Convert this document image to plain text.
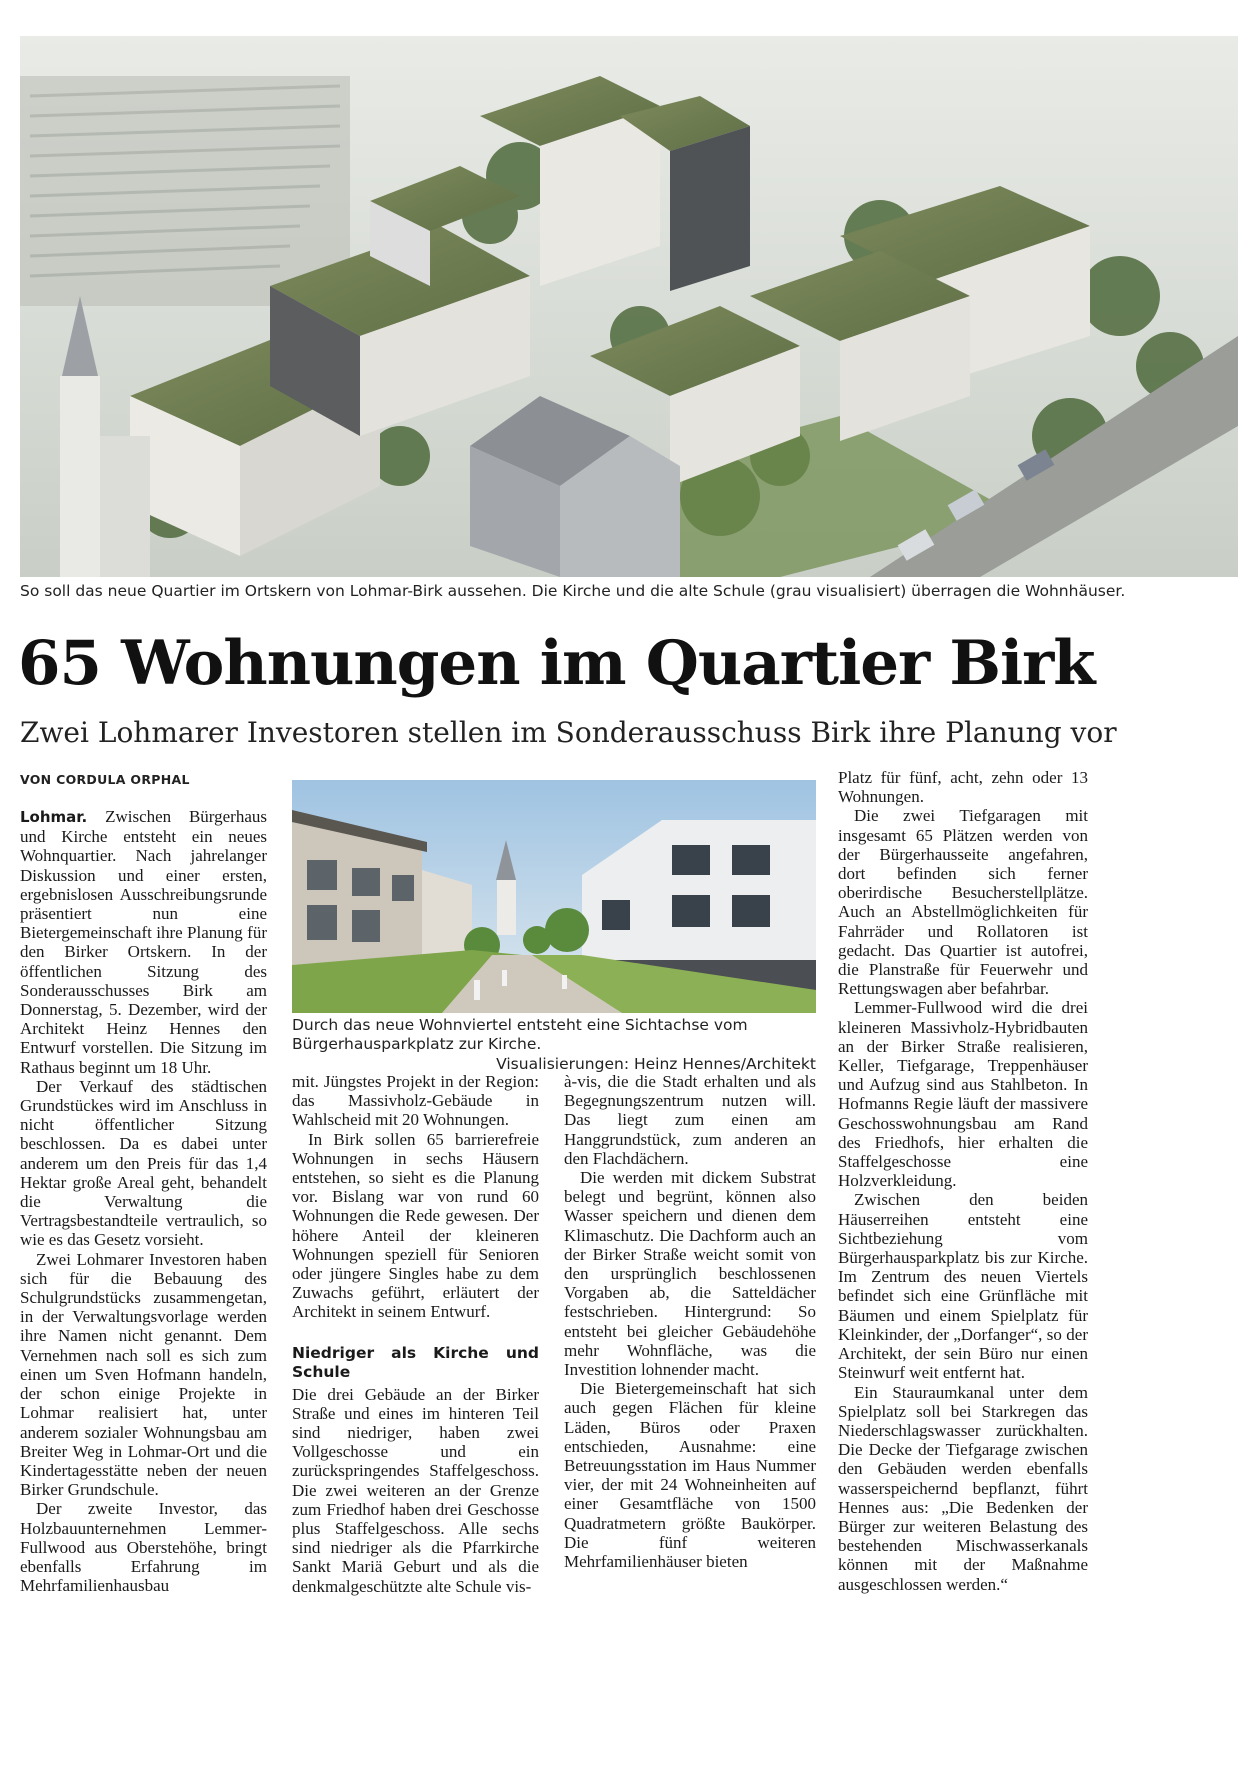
So soll das neue Quartier im Ortskern von Lohmar-Birk aussehen. Die Kirche und die alte Schule (grau visualisiert) überragen die Wohnhäuser.
65 Wohnungen im Quartier Birk
Zwei Lohmarer Investoren stellen im Sonderausschuss Birk ihre Planung vor
VON CORDULA ORPHAL

Lohmar. Zwischen Bürgerhaus und Kirche entsteht ein neues Wohnquartier. Nach jahrelanger Diskussion und einer ersten, ergebnislosen Ausschreibungsrunde präsentiert nun eine Bietergemeinschaft ihre Planung für den Birker Ortskern. In der öffentlichen Sitzung des Sonderausschusses Birk am Donnerstag, 5. Dezember, wird der Architekt Heinz Hennes den Entwurf vorstellen. Die Sitzung im Rathaus beginnt um 18 Uhr.

Der Verkauf des städtischen Grundstückes wird im Anschluss in nicht öffentlicher Sitzung beschlossen. Da es dabei unter anderem um den Preis für das 1,4 Hektar große Areal geht, behandelt die Verwaltung die Vertragsbestandteile vertraulich, so wie es das Gesetz vorsieht.

Zwei Lohmarer Investoren haben sich für die Bebauung des Schulgrundstücks zusammengetan, in der Verwaltungsvorlage werden ihre Namen nicht genannt. Dem Vernehmen nach soll es sich zum einen um Sven Hofmann handeln, der schon einige Projekte in Lohmar realisiert hat, unter anderem sozialer Wohnungsbau am Breiter Weg in Lohmar-Ort und die Kindertagesstätte neben der neuen Birker Grundschule.

Der zweite Investor, das Holzbauunternehmen Lemmer-Fullwood aus Oberstehöhe, bringt ebenfalls Erfahrung im Mehrfamilienhausbau

Durch das neue Wohnviertel entsteht eine Sichtachse vom Bürgerhausparkplatz zur Kirche.
Visualisierungen: Heinz Hennes/Architekt

mit. Jüngstes Projekt in der Region: das Massivholz-Gebäude in Wahlscheid mit 20 Wohnungen.

In Birk sollen 65 barrierefreie Wohnungen in sechs Häusern entstehen, so sieht es die Planung vor. Bislang war von rund 60 Wohnungen die Rede gewesen. Der höhere Anteil der kleineren Wohnungen speziell für Senioren oder jüngere Singles habe zu dem Zuwachs geführt, erläutert der Architekt in seinem Entwurf.

Niedriger als Kirche und Schule

Die drei Gebäude an der Birker Straße und eines im hinteren Teil sind niedriger, haben zwei Vollgeschosse und ein zurückspringendes Staffelgeschoss. Die zwei weiteren an der Grenze zum Friedhof haben drei Geschosse plus Staffelgeschoss. Alle sechs sind niedriger als die Pfarrkirche Sankt Mariä Geburt und als die denkmalgeschützte alte Schule vis-

à-vis, die die Stadt erhalten und als Begegnungszentrum nutzen will. Das liegt zum einen am Hanggrundstück, zum anderen an den Flachdächern.

Die werden mit dickem Substrat belegt und begrünt, können also Wasser speichern und dienen dem Klimaschutz. Die Dachform auch an der Birker Straße weicht somit von den ursprünglich beschlossenen Vorgaben ab, die Satteldächer festschrieben. Hintergrund: So entsteht bei gleicher Gebäudehöhe mehr Wohnfläche, was die Investition lohnender macht.

Die Bietergemeinschaft hat sich auch gegen Flächen für kleine Läden, Büros oder Praxen entschieden, Ausnahme: eine Betreuungsstation im Haus Nummer vier, der mit 24 Wohneinheiten auf einer Gesamtfläche von 1500 Quadratmetern größte Baukörper. Die fünf weiteren Mehrfamilienhäuser bieten

Platz für fünf, acht, zehn oder 13 Wohnungen.

Die zwei Tiefgaragen mit insgesamt 65 Plätzen werden von der Bürgerhausseite angefahren, dort befinden sich ferner oberirdische Besucherstellplätze. Auch an Abstellmöglichkeiten für Fahrräder und Rollatoren ist gedacht. Das Quartier ist autofrei, die Planstraße für Feuerwehr und Rettungswagen aber befahrbar.

Lemmer-Fullwood wird die drei kleineren Massivholz-Hybridbauten an der Birker Straße realisieren, Keller, Tiefgarage, Treppenhäuser und Aufzug sind aus Stahlbeton. In Hofmanns Regie läuft der massivere Geschosswohnungsbau am Rand des Friedhofs, hier erhalten die Staffelgeschosse eine Holzverkleidung.

Zwischen den beiden Häuserreihen entsteht eine Sichtbeziehung vom Bürgerhausparkplatz bis zur Kirche. Im Zentrum des neuen Viertels befindet sich eine Grünfläche mit Bäumen und einem Spielplatz für Kleinkinder, der „Dorfanger“, so der Architekt, der sein Büro nur einen Steinwurf weit entfernt hat.

Ein Stauraumkanal unter dem Spielplatz soll bei Starkregen das Niederschlagswasser zurückhalten. Die Decke der Tiefgarage zwischen den Gebäuden werden ebenfalls wasserspeichernd bepflanzt, führt Hennes aus: „Die Bedenken der Bürger zur weiteren Belastung des bestehenden Mischwasserkanals können mit der Maßnahme ausgeschlossen werden.“
